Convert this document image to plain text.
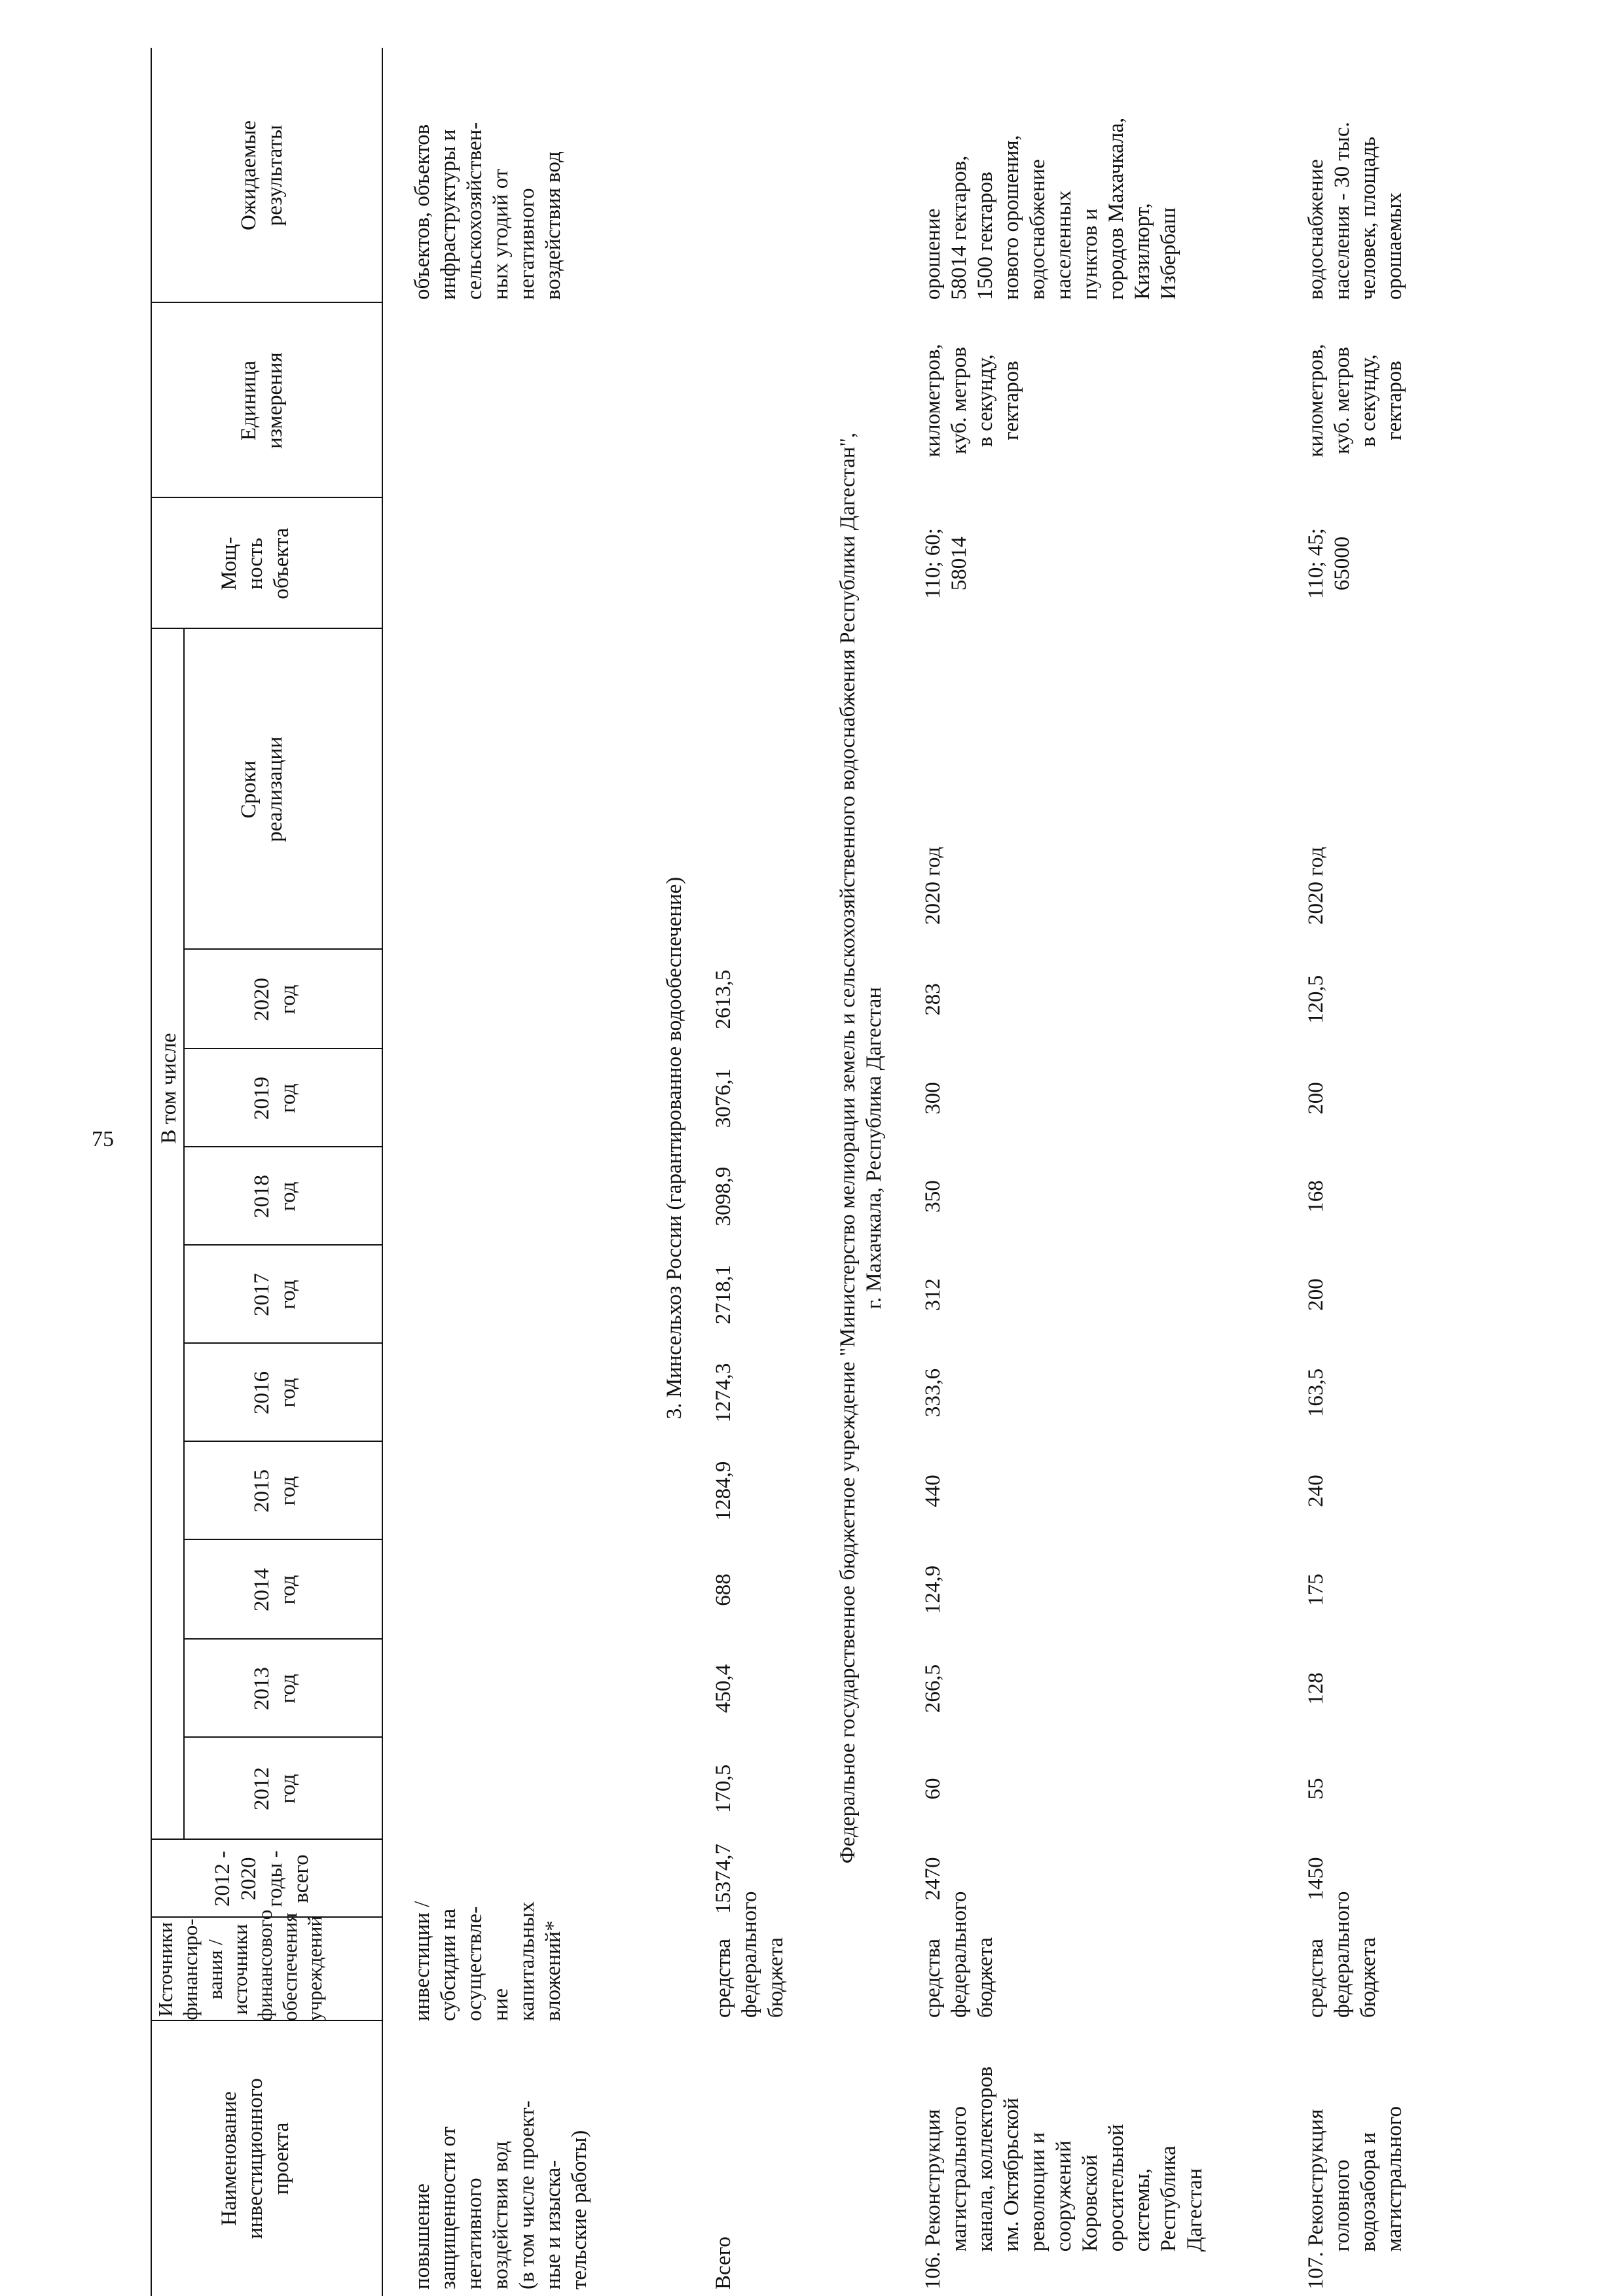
75
Наименование
инвестиционного
проекта
Источники
финансиро-
вания /
источники
финансового
обеспечения
учреждений
2012 -
2020
годы -
всего
В том числе
2012
год
2013
год
2014
год
2015
год
2016
год
2017
год
2018
год
2019
год
2020
год
Сроки
реализации
Мощ-
ность
объекта
Единица
измерения
Ожидаемые
результаты
повышение
защищенности от
негативного
воздействия вод
(в том числе проект-
ные и изыска-
тельские работы)
инвестиции /
субсидии на
осуществле-
ние
капитальных
вложений*
объектов, объектов
инфраструктуры и
сельскохозяйствен-
ных угодий от
негативного
воздействия вод
3. Минсельхоз России (гарантированное водообеспечение)
Всего
средства
федерального
бюджета
15374,7
170,5
450,4
688
1284,9
1274,3
2718,1
3098,9
3076,1
2613,5
Федеральное государственное бюджетное учреждение "Министерство мелиорации земель и сельскохозяйственного водоснабжения Республики Дагестан",
г. Махачкала, Республика Дагестан
106. Реконструкция
магистрального
канала, коллекторов
им. Октябрьской
революции и
сооружений
Коровской
оросительной
системы,
Республика
Дагестан
средства
федерального
бюджета
2470
60
266,5
124,9
440
333,6
312
350
300
283
2020 год
110; 60;
58014
километров,
куб. метров
в секунду,
гектаров
орошение
58014 гектаров,
1500 гектаров
нового орошения,
водоснабжение
населенных
пунктов и
городов Махачкала,
Кизилюрт,
Избербаш
107. Реконструкция
головного
водозабора и
магистрального
средства
федерального
бюджета
1450
55
128
175
240
163,5
200
168
200
120,5
2020 год
110; 45;
65000
километров,
куб. метров
в секунду,
гектаров
водоснабжение
населения - 30 тыс.
человек, площадь
орошаемых
